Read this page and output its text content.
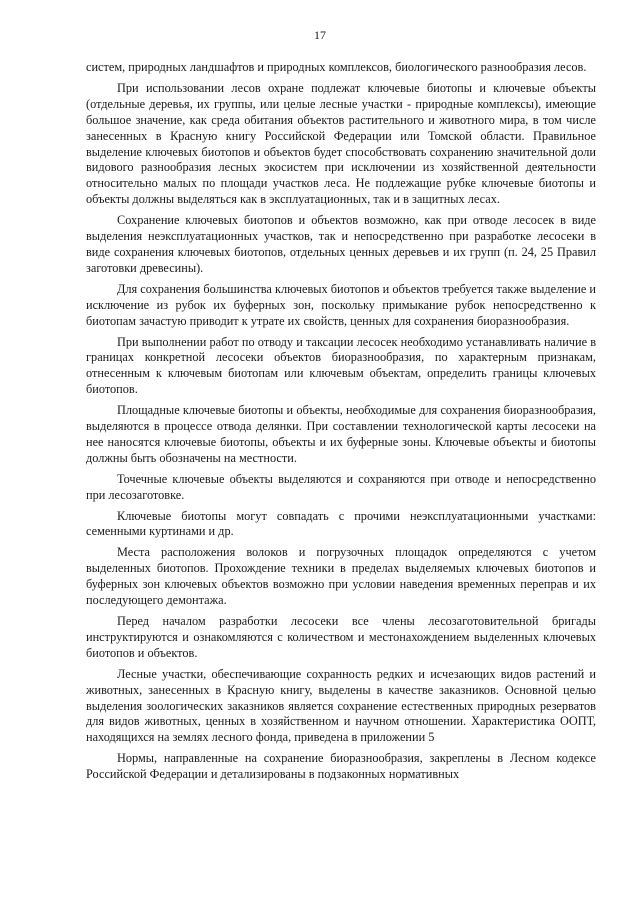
17

систем, природных ландшафтов и природных комплексов, биологического разнообразия лесов.

При использовании лесов охране подлежат ключевые биотопы и ключевые объекты (отдельные деревья, их группы, или целые лесные участки - природные комплексы), имеющие большое значение, как среда обитания объектов растительного и животного мира, в том числе занесенных в Красную книгу Российской Федерации или Томской области. Правильное выделение ключевых биотопов и объектов будет способствовать сохранению значительной доли видового разнообразия лесных экосистем при исключении из хозяйственной деятельности относительно малых по площади участков леса. Не подлежащие рубке ключевые биотопы и объекты должны выделяться как в эксплуатационных, так и в защитных лесах.

Сохранение ключевых биотопов и объектов возможно, как при отводе лесосек в виде выделения неэксплуатационных участков, так и непосредственно при разработке лесосеки в виде сохранения ключевых биотопов, отдельных ценных деревьев и их групп (п. 24, 25 Правил заготовки древесины).

Для сохранения большинства ключевых биотопов и объектов требуется также выделение и исключение из рубок их буферных зон, поскольку примыкание рубок непосредственно к биотопам зачастую приводит к утрате их свойств, ценных для сохранения биоразнообразия.

При выполнении работ по отводу и таксации лесосек необходимо устанавливать наличие в границах конкретной лесосеки объектов биоразнообразия, по характерным признакам, отнесенным к ключевым биотопам или ключевым объектам, определить границы ключевых биотопов.

Площадные ключевые биотопы и объекты, необходимые для сохранения биоразнообразия, выделяются в процессе отвода делянки. При составлении технологической карты лесосеки на нее наносятся ключевые биотопы, объекты и их буферные зоны. Ключевые объекты и биотопы должны быть обозначены на местности.

Точечные ключевые объекты выделяются и сохраняются при отводе и непосредственно при лесозаготовке.

Ключевые биотопы могут совпадать с прочими неэксплуатационными участками: семенными куртинами и др.

Места расположения волоков и погрузочных площадок определяются с учетом выделенных биотопов. Прохождение техники в пределах выделяемых ключевых биотопов и буферных зон ключевых объектов возможно при условии наведения временных переправ и их последующего демонтажа.

Перед началом разработки лесосеки все члены лесозаготовительной бригады инструктируются и ознакомляются с количеством и местонахождением выделенных ключевых биотопов и объектов.

Лесные участки, обеспечивающие сохранность редких и исчезающих видов растений и животных, занесенных в Красную книгу, выделены в качестве заказников. Основной целью выделения зоологических заказников является сохранение естественных природных резерватов для видов животных, ценных в хозяйственном и научном отношении. Характеристика ООПТ, находящихся на землях лесного фонда, приведена в приложении 5

Нормы, направленные на сохранение биоразнообразия, закреплены в Лесном кодексе Российской Федерации и детализированы в подзаконных нормативных
